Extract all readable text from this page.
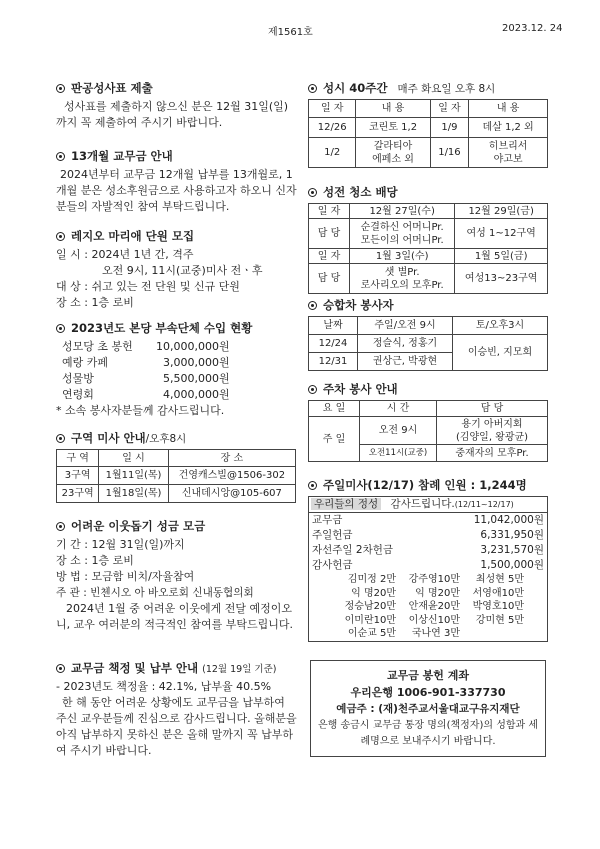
제1561호	2023.12. 24
판공성사표 제출

성사표를 제출하지 않으신 분은 12월 31일(일)까지 꼭 제출하여 주시기 바랍니다.

13개월 교무금 안내

2024년부터 교무금 12개월 납부를 13개월로, 1개월 분은 성소후원금으로 사용하고자 하오니 신자분들의 자발적인 참여 부탁드립니다.

레지오 마리애 단원 모집
일 시 : 2024년 1년 간, 격주
오전 9시, 11시(교중)미사 전ㆍ후
대 상 : 쉬고 있는 전 단원 및 신규 단원
장 소 : 1층 로비
2023년도 본당 부속단체 수입 현황
성모당 초 봉헌 10,000,000원
예랑 카페	3,000,000원
성물방	5,500,000원
연령회	4,000,000원
* 소속 봉사자분들께 감사드립니다.
구역 미사 안내/오후8시
구 역	일 시	장 소
3구역	1월11일(목)	건영캐스빌@1506-302
23구역	1월18일(목)	신내데시앙@105-607
어려운 이웃돕기 성금 모금
기 간 : 12월 31일(일)까지
장 소 : 1층 로비
방 법 : 모금함 비치/자율참여
주 관 : 빈첸시오 아 바오로회 신내동협의회

2024년 1월 중 어려운 이웃에게 전달 예정이오니, 교우 여러분의 적극적인 참여를 부탁드립니다.

교무금 책정 및 납부 안내 (12월 19일 기준)
- 2023년도 책정율 : 42.1%, 납부율 40.5%

한 해 동안 어려운 상황에도 교무금을 납부하여 주신 교우분들께 진심으로 감사드립니다. 올해분을 아직 납부하지 못하신 분은 올해 말까지 꼭 납부하여 주시기 바랍니다.

성시 40주간 매주 화요일 오후 8시
일 자	내 용	일 자	내 용
12/26	코린토 1,2	1/9	데살 1,2 외
1/2	갈라티아
에페소 외	1/16	히브리서
야고보
성전 청소 배당
일 자	12월 27일(수)	12월 29일(금)
담 당	순결하신 어머니Pr.
모든이의 어머니Pr.	여성 1~12구역
일 자	1월 3일(수)	1월 5일(금)
담 당	샛 별Pr.
로사리오의 모후Pr.	여성13~23구역
승합차 봉사자
날짜	주일/오전 9시	토/오후3시
12/24	정슬식, 정홍기	이승빈, 지모희
12/31	권상근, 박광현	
주차 봉사 안내
요 일	시 간	담 당
주 일	오전 9시	용기 아버지회
(김양일, 왕광균)
	오전11시(교중)	중재자의 모후Pr.
주일미사(12/17) 참례 인원 : 1,244명
우리들의 정성 감사드립니다.(12/11~12/17)
교무금	11,042,000원
주일헌금	6,331,950원
자선주일 2차헌금	3,231,570원
감사헌금	1,500,000원
김미정 2만 강주영10만 최성현 5만
익 명20만 익 명20만 서영애10만
정승남20만 안재윤20만 박영호10만
이미란10만 이상신10만 강미현 5만
이순교 5만 국나연 3만
교무금 봉헌 계좌
우리은행 1006-901-337730
예금주 : (재)천주교서울대교구유지재단
은행 송금시 교무금 통장 명의(책정자)의 성함과 세례명으로 보내주시기 바랍니다.
